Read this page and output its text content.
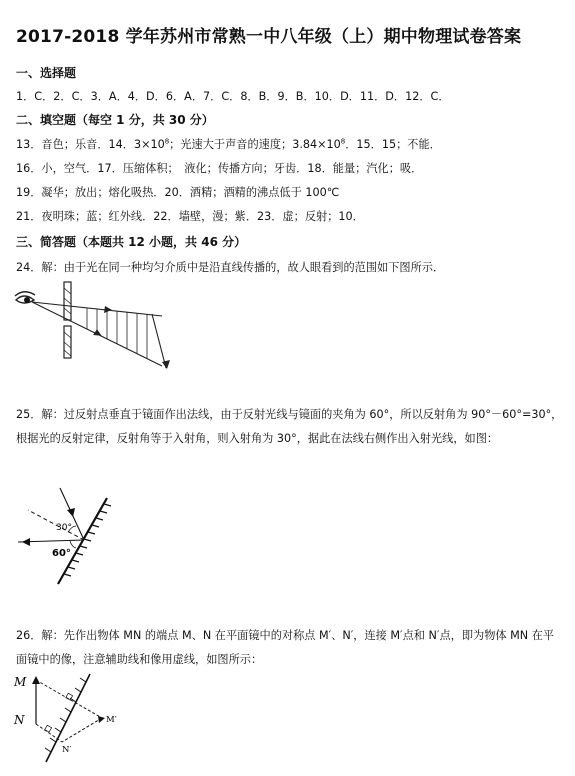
2017-2018 学年苏州市常熟一中八年级（上）期中物理试卷答案
一、选择题
1．C．2．C．3．A．4．D．6．A．7．C．8．B．9．B．10．D．11．D．12．C．
二、填空题（每空 1 分，共 30 分）
13．音色；乐音．14．$3\times 10^8$；光速大于声音的速度；$3.84\times 10^8$．15．15；不能．
16．小，空气．17．压缩体积；　液化；传播方向；牙齿．18．能量；汽化；吸．
19．凝华；放出；熔化吸热．20．酒精；酒精的沸点低于 100℃
21．夜明珠；蓝；红外线．22．墙壁，漫；紫．23．虚；反射；10．
三、简答题（本题共 12 小题，共 46 分）
24．解：由于光在同一种均匀介质中是沿直线传播的，故人眼看到的范围如下图所示．
25．解：过反射点垂直于镜面作出法线，由于反射光线与镜面的夹角为 60°，所以反射角为 90°－60°=30°，根据光的反射定律，反射角等于入射角，则入射角为 30°，据此在法线右侧作出入射光线，如图：
30°
60°
26．解：先作出物体 MN 的端点 M、N 在平面镜中的对称点 M′、N′，连接 M′点和 N′点，即为物体 MN 在平面镜中的像，注意辅助线和像用虚线，如图所示：
M
N	M′
N′
